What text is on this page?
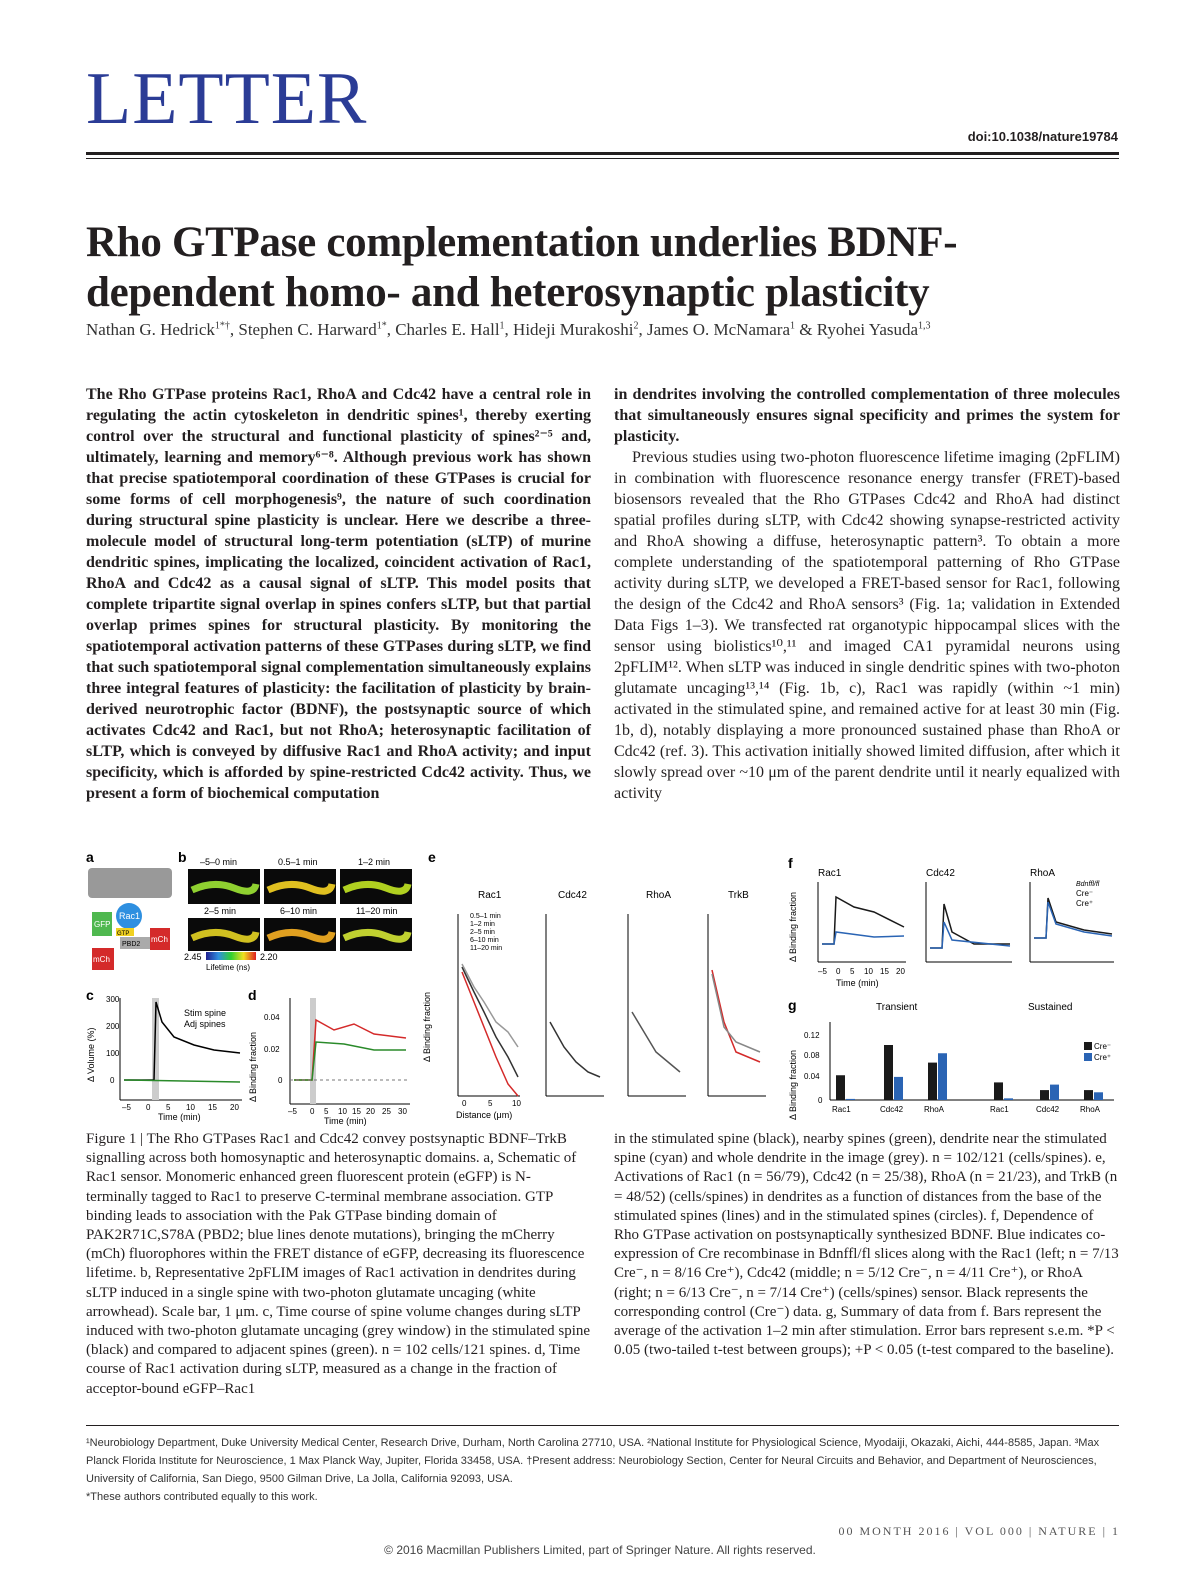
LETTER	doi:10.1038/nature19784
Rho GTPase complementation underlies BDNF-dependent homo- and heterosynaptic plasticity
Nathan G. Hedrick$^{1*\dagger}$, Stephen C. Harward$^{1*}$, Charles E. Hall$^1$, Hideji Murakoshi$^2$, James O. McNamara$^1$ & Ryohei Yasuda$^{1,3}$

The Rho GTPase proteins Rac1, RhoA and Cdc42 have a central role in regulating the actin cytoskeleton in dendritic spines¹, thereby exerting control over the structural and functional plasticity of spines²⁻⁵ and, ultimately, learning and memory⁶⁻⁸. Although previous work has shown that precise spatiotemporal coordination of these GTPases is crucial for some forms of cell morphogenesis⁹, the nature of such coordination during structural spine plasticity is unclear. Here we describe a three-molecule model of structural long-term potentiation (sLTP) of murine dendritic spines, implicating the localized, coincident activation of Rac1, RhoA and Cdc42 as a causal signal of sLTP. This model posits that complete tripartite signal overlap in spines confers sLTP, but that partial overlap primes spines for structural plasticity. By monitoring the spatiotemporal activation patterns of these GTPases during sLTP, we find that such spatiotemporal signal complementation simultaneously explains three integral features of plasticity: the facilitation of plasticity by brain-derived neurotrophic factor (BDNF), the postsynaptic source of which activates Cdc42 and Rac1, but not RhoA; heterosynaptic facilitation of sLTP, which is conveyed by diffusive Rac1 and RhoA activity; and input specificity, which is afforded by spine-restricted Cdc42 activity. Thus, we present a form of biochemical computation

in dendrites involving the controlled complementation of three molecules that simultaneously ensures signal specificity and primes the system for plasticity.

Previous studies using two-photon fluorescence lifetime imaging (2pFLIM) in combination with fluorescence resonance energy transfer (FRET)-based biosensors revealed that the Rho GTPases Cdc42 and RhoA had distinct spatial profiles during sLTP, with Cdc42 showing synapse-restricted activity and RhoA showing a diffuse, heterosynaptic pattern³. To obtain a more complete understanding of the spatiotemporal patterning of Rho GTPase activity during sLTP, we developed a FRET-based sensor for Rac1, following the design of the Cdc42 and RhoA sensors³ (Fig. 1a; validation in Extended Data Figs 1–3). We transfected rat organotypic hippocampal slices with the sensor using biolistics¹⁰,¹¹ and imaged CA1 pyramidal neurons using 2pFLIM¹². When sLTP was induced in single dendritic spines with two-photon glutamate uncaging¹³,¹⁴ (Fig. 1b, c), Rac1 was rapidly (within ~1 min) activated in the stimulated spine, and remained active for at least 30 min (Fig. 1b, d), notably displaying a more pronounced sustained phase than RhoA or Cdc42 (ref. 3). This activation initially showed limited diffusion, after which it slowly spread over ~10 μm of the parent dendrite until it nearly equalized with activity

a	b
c	d
e	f
g
GFP
Rac1
GTP
PBD2
mCh
mCh
–5–0 min	0.5–1 min	1–2 min
2–5 min	6–10 min	11–20 min
2.45	2.20
Lifetime (ns)
300
200
100
0
Stim spine
Adj spines
–5 0 5 10 15 20
Time (min)
Δ Volume (%)
0.04
0.02
0
–5 0 5 10 15 20 25 30
Time (min)
Δ Binding fraction
Rac1	Cdc42	RhoA	TrkB
0.5–1 min
1–2 min
2–5 min
6–10 min
11–20 min
0	5 10
Distance (μm)
Δ Binding fraction
Rac1	Cdc42	RhoA
Bdnffl/fl
Cre⁻
Cre⁺
–5 0 5 10 15 20
Time (min)
Δ Binding fraction
Transient	Sustained
0.12
0.08
0.04
0
Cre⁻
Cre⁺
Rac1	Cdc42	RhoA	Rac1	Cdc42	RhoA
Δ Binding fraction
Figure 1 | The Rho GTPases Rac1 and Cdc42 convey postsynaptic BDNF–TrkB signalling across both homosynaptic and heterosynaptic domains. a, Schematic of Rac1 sensor. Monomeric enhanced green fluorescent protein (eGFP) is N-terminally tagged to Rac1 to preserve C-terminal membrane association. GTP binding leads to association with the Pak GTPase binding domain of PAK2R71C,S78A (PBD2; blue lines denote mutations), bringing the mCherry (mCh) fluorophores within the FRET distance of eGFP, decreasing its fluorescence lifetime. b, Representative 2pFLIM images of Rac1 activation in dendrites during sLTP induced in a single spine with two-photon glutamate uncaging (white arrowhead). Scale bar, 1 μm. c, Time course of spine volume changes during sLTP induced with two-photon glutamate uncaging (grey window) in the stimulated spine (black) and compared to adjacent spines (green). n = 102 cells/121 spines. d, Time course of Rac1 activation during sLTP, measured as a change in the fraction of acceptor-bound eGFP–Rac1
in the stimulated spine (black), nearby spines (green), dendrite near the stimulated spine (cyan) and whole dendrite in the image (grey). n = 102/121 (cells/spines). e, Activations of Rac1 (n = 56/79), Cdc42 (n = 25/38), RhoA (n = 21/23), and TrkB (n = 48/52) (cells/spines) in dendrites as a function of distances from the base of the stimulated spines (lines) and in the stimulated spines (circles). f, Dependence of Rho GTPase activation on postsynaptically synthesized BDNF. Blue indicates co-expression of Cre recombinase in Bdnffl/fl slices along with the Rac1 (left; n = 7/13 Cre⁻, n = 8/16 Cre⁺), Cdc42 (middle; n = 5/12 Cre⁻, n = 4/11 Cre⁺), or RhoA (right; n = 6/13 Cre⁻, n = 7/14 Cre⁺) (cells/spines) sensor. Black represents the corresponding control (Cre⁻) data. g, Summary of data from f. Bars represent the average of the activation 1–2 min after stimulation. Error bars represent s.e.m. *P < 0.05 (two-tailed t-test between groups); +P < 0.05 (t-test compared to the baseline).
¹Neurobiology Department, Duke University Medical Center, Research Drive, Durham, North Carolina 27710, USA. ²National Institute for Physiological Science, Myodaiji, Okazaki, Aichi, 444-8585, Japan. ³Max Planck Florida Institute for Neuroscience, 1 Max Planck Way, Jupiter, Florida 33458, USA. †Present address: Neurobiology Section, Center for Neural Circuits and Behavior, and Department of Neurosciences, University of California, San Diego, 9500 Gilman Drive, La Jolla, California 92093, USA.
*These authors contributed equally to this work.
00 MONTH 2016 | VOL 000 | NATURE | 1
© 2016 Macmillan Publishers Limited, part of Springer Nature. All rights reserved.
